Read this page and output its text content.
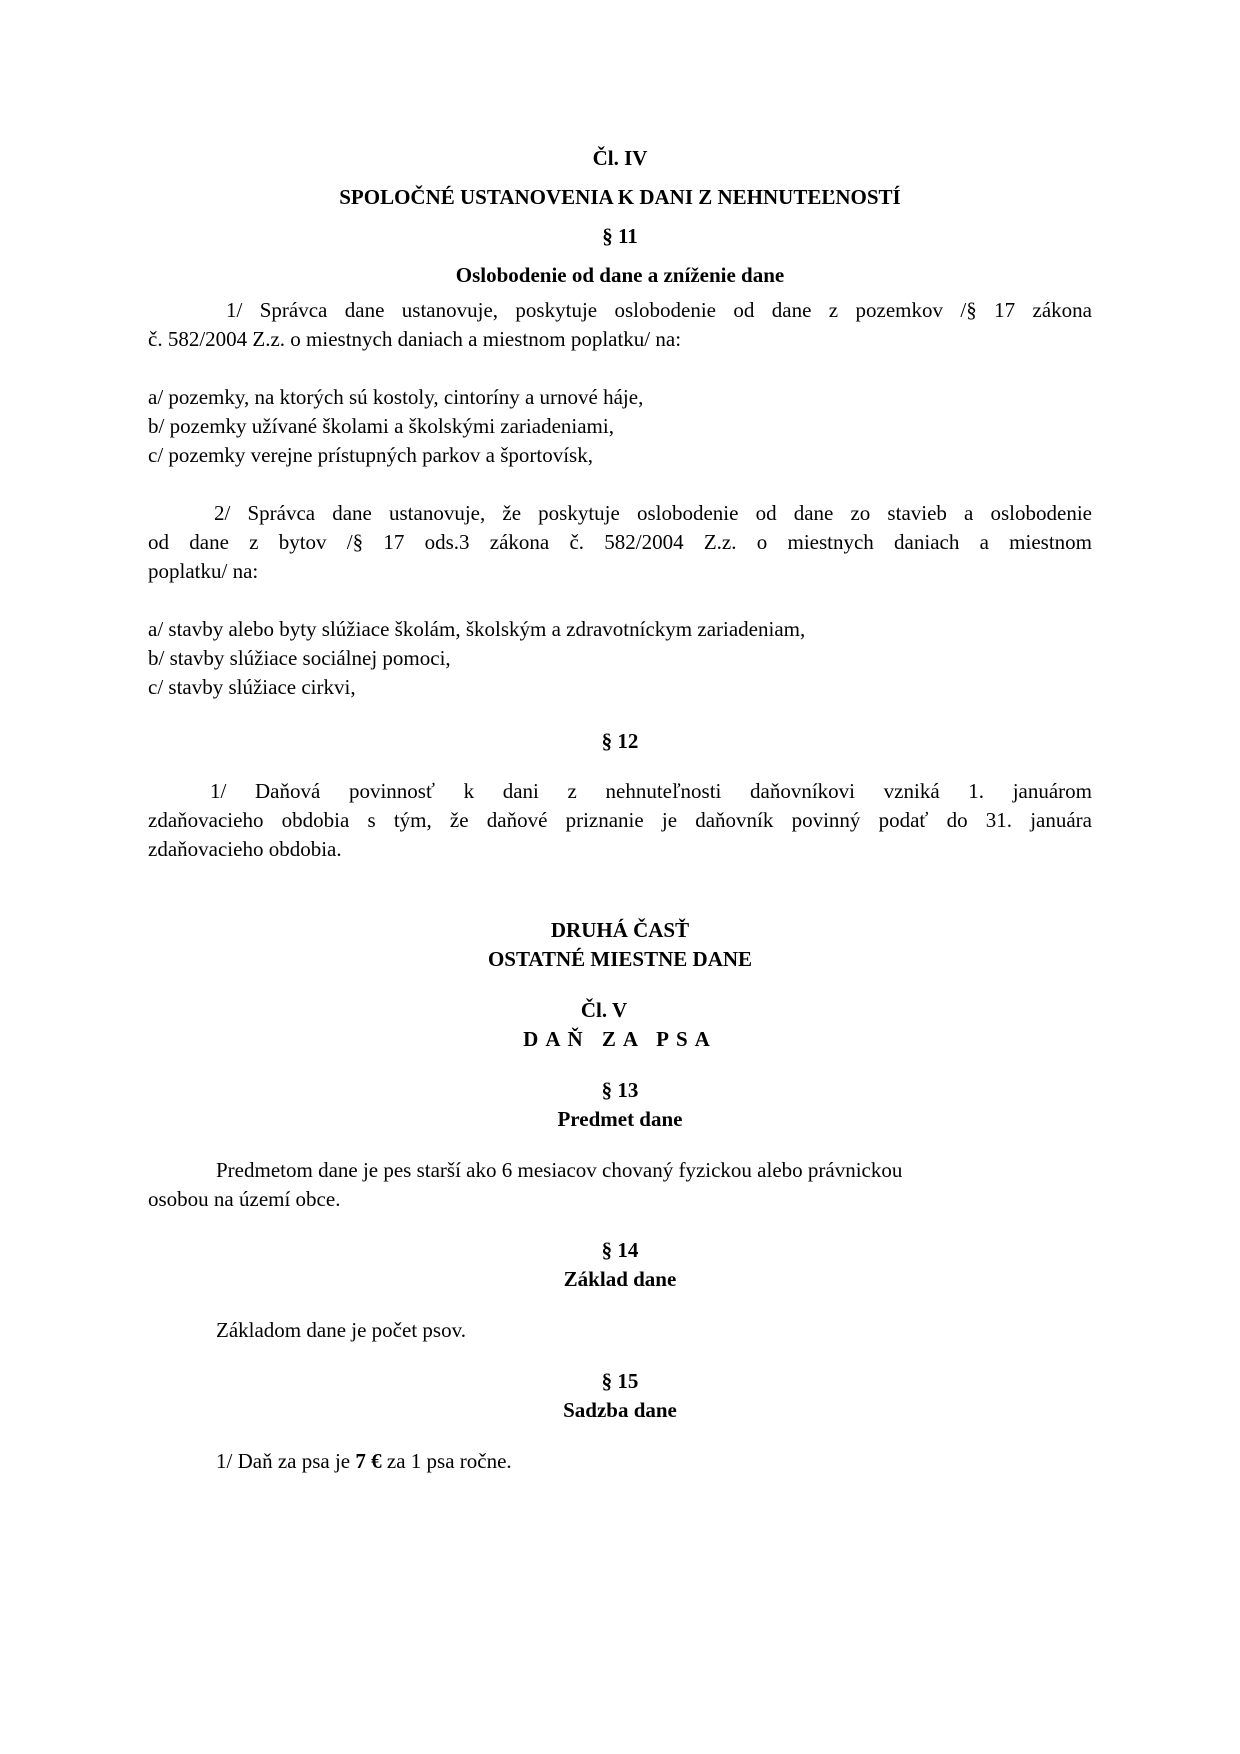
Čl. IV
SPOLOČNÉ USTANOVENIA K DANI Z NEHNUTEĽNOSTÍ
§ 11
Oslobodenie od dane a zníženie dane
1/ Správca dane ustanovuje, poskytuje oslobodenie od dane z pozemkov /§ 17 zákona
č. 582/2004 Z.z. o miestnych daniach a miestnom poplatku/ na:
a/ pozemky, na ktorých sú kostoly, cintoríny a urnové háje,
b/ pozemky užívané školami a školskými zariadeniami,
c/ pozemky verejne prístupných parkov a športovísk,
2/ Správca dane ustanovuje, že poskytuje oslobodenie od dane zo stavieb a oslobodenie
od dane z bytov /§ 17 ods.3 zákona č. 582/2004 Z.z. o miestnych daniach a miestnom
poplatku/ na:
a/ stavby alebo byty slúžiace školám, školským a zdravotníckym zariadeniam,
b/ stavby slúžiace sociálnej pomoci,
c/ stavby slúžiace cirkvi,
§ 12
1/ Daňová povinnosť k dani z nehnuteľnosti daňovníkovi vzniká 1. januárom
zdaňovacieho obdobia s tým, že daňové priznanie je daňovník povinný podať do 31. januára
zdaňovacieho obdobia.
DRUHÁ ČASŤ
OSTATNÉ MIESTNE DANE
Čl. V
DAŇ ZA PSA
§ 13
Predmet dane
Predmetom dane je pes starší ako 6 mesiacov chovaný fyzickou alebo právnickou
osobou na území obce.
§ 14
Základ dane
Základom dane je počet psov.
§ 15
Sadzba dane
1/ Daň za psa je 7 € za 1 psa ročne.
